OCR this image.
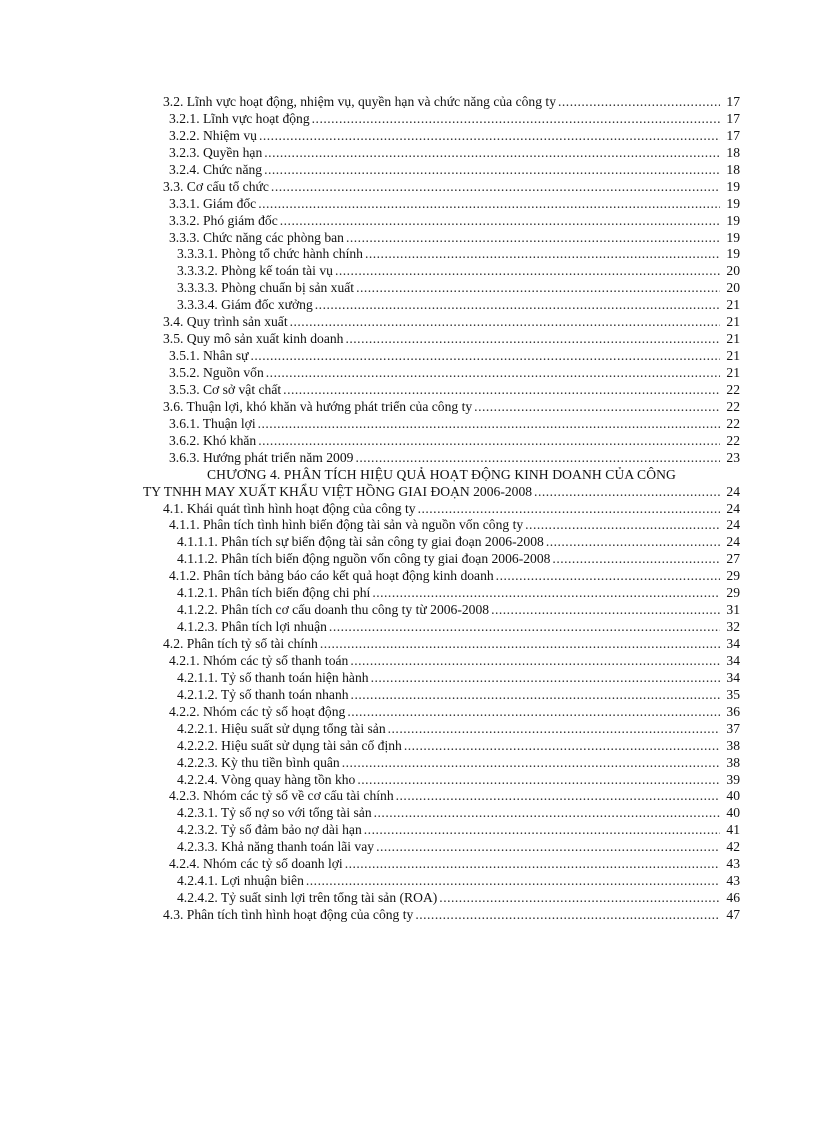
3.2. Lĩnh vực hoạt động, nhiệm vụ, quyền hạn và chức năng của công ty .....	17
3.2.1. Lĩnh vực hoạt động .....	17
3.2.2. Nhiệm vụ .....	17
3.2.3. Quyền hạn .....	18
3.2.4. Chức năng .....	18
3.3. Cơ cấu tổ chức .....	19
3.3.1. Giám đốc .....	19
3.3.2. Phó giám đốc .....	19
3.3.3. Chức năng các phòng ban .....	19
3.3.3.1. Phòng tổ chức hành chính .....	19
3.3.3.2. Phòng kế toán tài vụ .....	20
3.3.3.3. Phòng chuẩn bị sản xuất .....	20
3.3.3.4. Giám đốc xưởng .....	21
3.4. Quy trình sản xuất .....	21
3.5. Quy mô sản xuất kinh doanh .....	21
3.5.1. Nhân sự .....	21
3.5.2. Nguồn vốn .....	21
3.5.3. Cơ sở vật chất .....	22
3.6. Thuận lợi, khó khăn và hướng phát triển của công ty .....	22
3.6.1. Thuận lợi .....	22
3.6.2. Khó khăn .....	22
3.6.3. Hướng phát triển năm 2009 .....	23
CHƯƠNG 4. PHÂN TÍCH HIỆU QUẢ HOẠT ĐỘNG KINH DOANH CỦA CÔNG
TY TNHH MAY XUẤT KHẨU VIỆT HỒNG GIAI ĐOẠN 2006-2008 .....	24
4.1. Khái quát tình hình hoạt động của công ty .....	24
4.1.1. Phân tích tình hình biến động tài sản và nguồn vốn công ty .....	24
4.1.1.1. Phân tích sự biến động tài sản công ty giai đoạn 2006-2008 .....	24
4.1.1.2. Phân tích biến động nguồn vốn công ty giai đoạn 2006-2008 .....	27
4.1.2. Phân tích bảng báo cáo kết quả hoạt động kinh doanh .....	29
4.1.2.1. Phân tích biến động chi phí .....	29
4.1.2.2. Phân tích cơ cấu doanh thu công ty từ 2006-2008 .....	31
4.1.2.3. Phân tích lợi nhuận .....	32
4.2. Phân tích tỷ số tài chính .....	34
4.2.1. Nhóm các tỷ số thanh toán .....	34
4.2.1.1. Tỷ số thanh toán hiện hành .....	34
4.2.1.2. Tỷ số thanh toán nhanh .....	35
4.2.2. Nhóm các tỷ số hoạt động .....	36
4.2.2.1. Hiệu suất sử dụng tổng tài sản .....	37
4.2.2.2. Hiệu suất sử dụng tài sản cố định .....	38
4.2.2.3. Kỳ thu tiền bình quân .....	38
4.2.2.4. Vòng quay hàng tồn kho .....	39
4.2.3. Nhóm các tỷ số về cơ cấu tài chính .....	40
4.2.3.1. Tỷ số nợ so với tổng tài sản .....	40
4.2.3.2. Tỷ số đảm bảo nợ dài hạn .....	41
4.2.3.3. Khả năng thanh toán lãi vay .....	42
4.2.4. Nhóm các tỷ số doanh lợi .....	43
4.2.4.1. Lợi nhuận biên .....	43
4.2.4.2. Tỷ suất sinh lợi trên tổng tài sản (ROA) .....	46
4.3. Phân tích tình hình hoạt động của công ty .....	47
